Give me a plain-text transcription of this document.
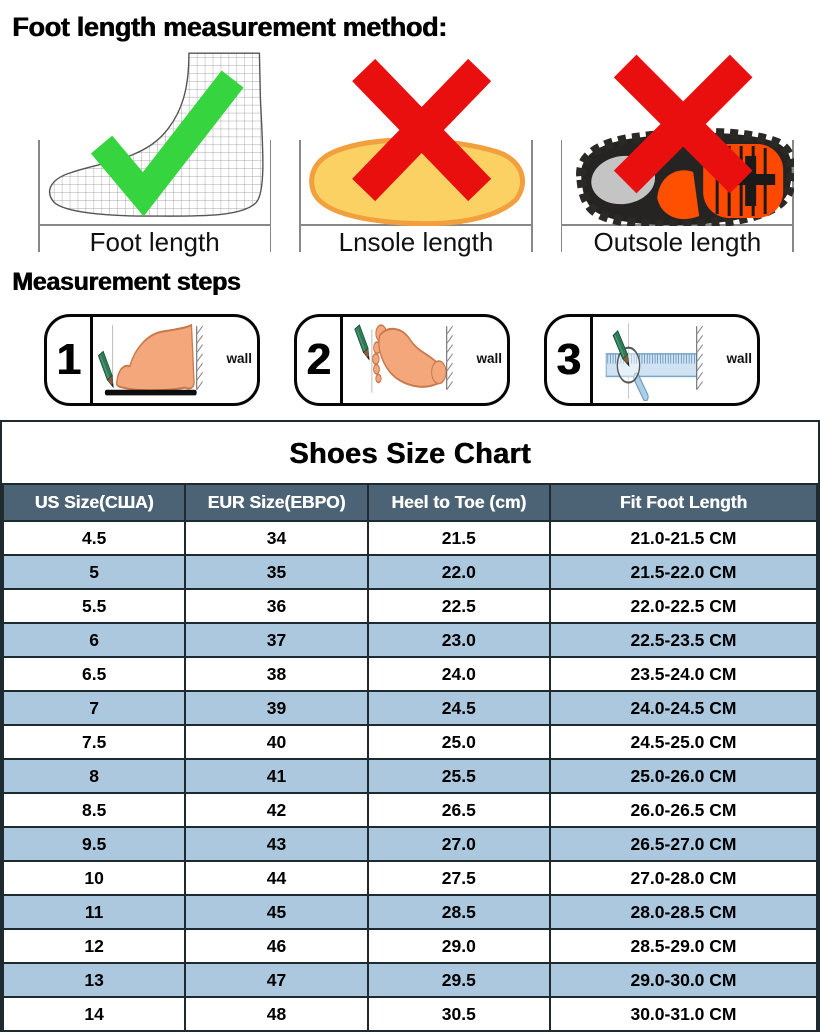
Foot length measurement method:
Foot length	Lnsole length	Outsole length
Measurement steps
1	wall 2	wall 3	wall
Shoes Size Chart
US Size(США)	EUR Size(ЕВРО)	Heel to Toe (cm)	Fit Foot Length
4.5	34	21.5	21.0-21.5 CM
5	35	22.0	21.5-22.0 CM
5.5	36	22.5	22.0-22.5 CM
6	37	23.0	22.5-23.5 CM
6.5	38	24.0	23.5-24.0 CM
7	39	24.5	24.0-24.5 CM
7.5	40	25.0	24.5-25.0 CM
8	41	25.5	25.0-26.0 CM
8.5	42	26.5	26.0-26.5 CM
9.5	43	27.0	26.5-27.0 CM
10	44	27.5	27.0-28.0 CM
11	45	28.5	28.0-28.5 CM
12	46	29.0	28.5-29.0 CM
13	47	29.5	29.0-30.0 CM
14	48	30.5	30.0-31.0 CM
